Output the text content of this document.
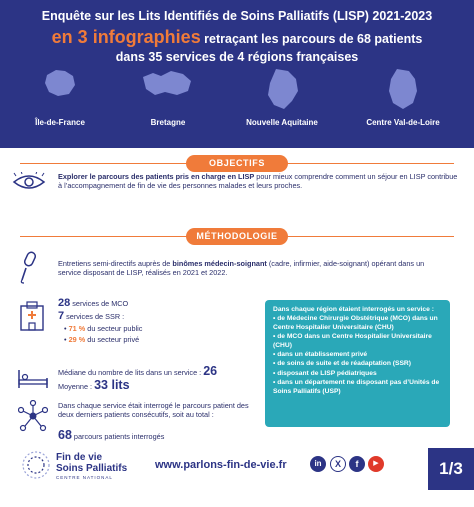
Enquête sur les Lits Identifiés de Soins Palliatifs (LISP) 2021-2023
en 3 infographies retraçant les parcours de 68 patients
dans 35 services de 4 régions françaises
Île-de-France	Bretagne	Nouvelle Aquitaine	Centre Val-de-Loire
OBJECTIFS
Explorer le parcours des patients pris en charge en LISP pour mieux comprendre comment un séjour en LISP contribue à l’accompagnement de fin de vie des personnes malades et leurs proches.
MÉTHODOLOGIE
Entretiens semi-directifs auprès de binômes médecin-soignant (cadre, infirmier, aide-soignant) opérant dans un service disposant de LISP, réalisés en 2021 et 2022.
28 services de MCO
7 services de SSR :
• 71 % du secteur public
• 29 % du secteur privé
Médiane du nombre de lits dans un service : 26
Moyenne : 33 lits
Dans chaque service était interrogé le parcours patient des deux derniers patients consécutifs, soit au total :
68 parcours patients interrogés
Dans chaque région étaient interrogés un service :
• de Médecine Chirurgie Obstétrique (MCO) dans un Centre Hospitalier Universitaire (CHU)
• de MCO dans un Centre Hospitalier Universitaire (CHU)
• dans un établissement privé
• de soins de suite et de réadaptation (SSR)
• disposant de LISP pédiatriques
• dans un département ne disposant pas d’Unités de Soins Palliatifs (USP)
Fin de vie
Soins Palliatifs
CENTRE NATIONAL
www.parlons-fin-de-vie.fr	in	X	f	▶	1/3
